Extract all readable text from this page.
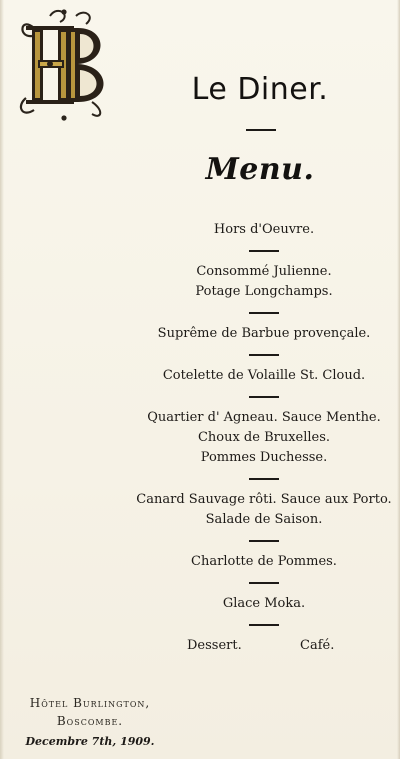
Le Diner.
Menu.
Hors d'Oeuvre.
Consommé Julienne.
Potage Longchamps.
Suprême de Barbue provençale.
Cotelette de Volaille St. Cloud.
Quartier d' Agneau. Sauce Menthe.
Choux de Bruxelles.
Pommes Duchesse.
Canard Sauvage rôti. Sauce aux Porto.
Salade de Saison.
Charlotte de Pommes.
Glace Moka.
Dessert.	Café.
Hôtel Burlington,
Boscombe.
Decembre 7th, 1909.
